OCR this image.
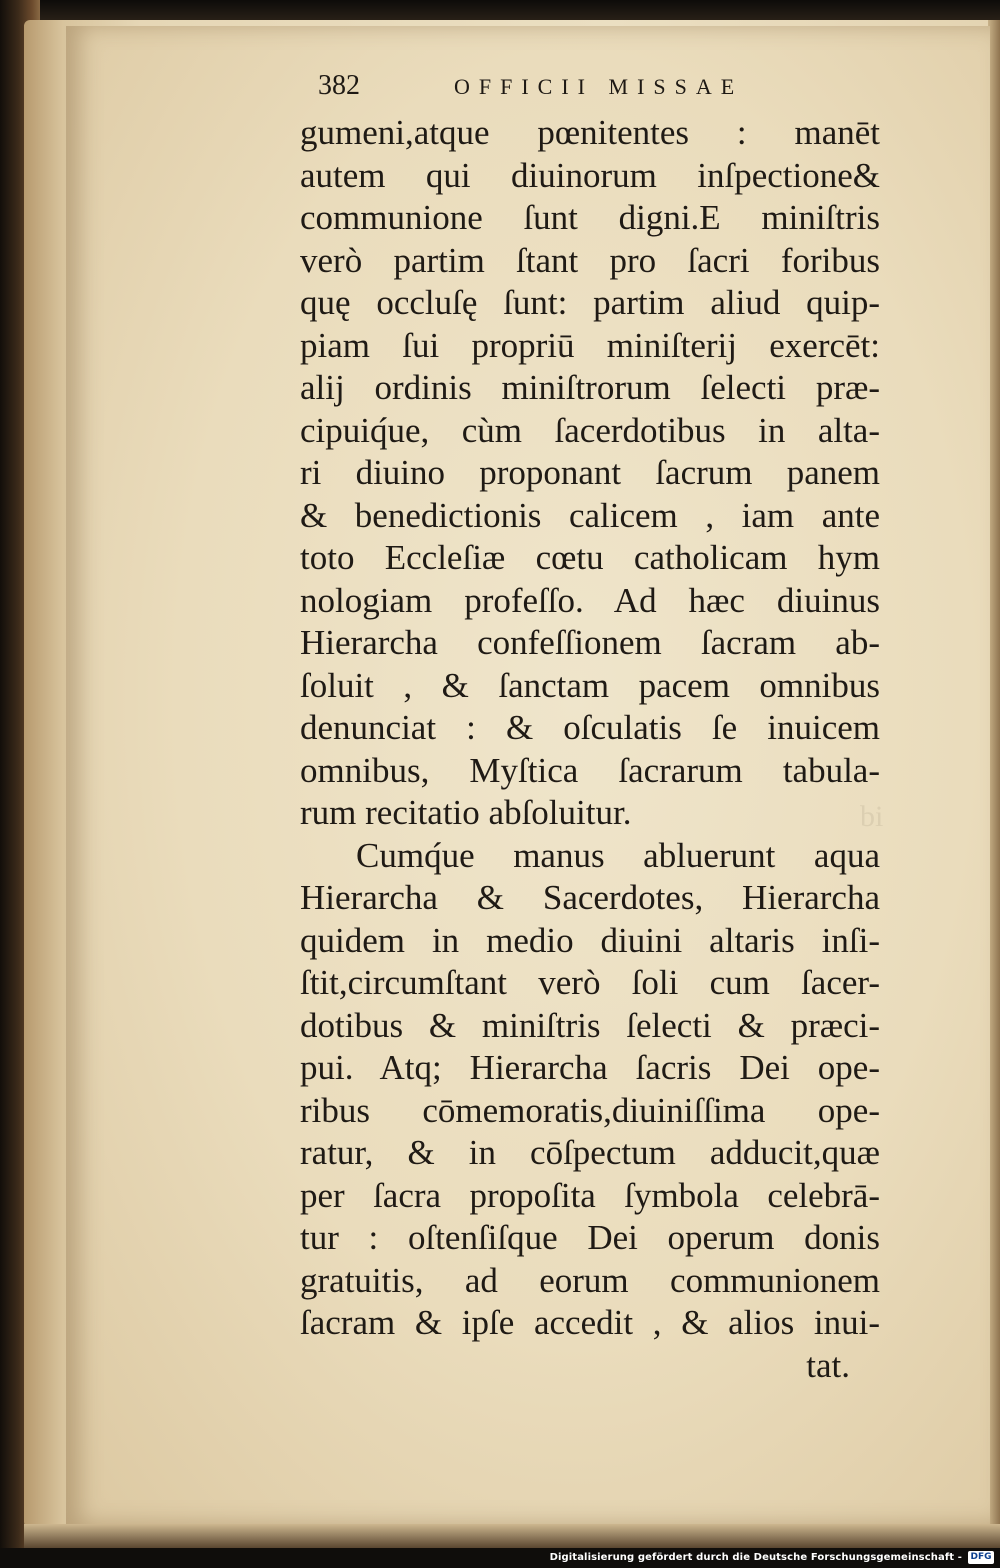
bi
382	OFFICII MISSAE
gumeni,atque pœnitentes : manēt
autem qui diuinorum inſpectione&
communione ſunt digni.E miniſtris
verò partim ſtant pro ſacri foribus
quę occluſę ſunt: partim aliud quip-
piam ſui propriū miniſterij exercēt:
alij ordinis miniſtrorum ſelecti præ-
cipuiq́ue, cùm ſacerdotibus in alta-
ri diuino proponant ſacrum panem
& benedictionis calicem , iam ante
toto Eccleſiæ cœtu catholicam hym
nologiam profeſſo. Ad hæc diuinus
Hierarcha confeſſionem ſacram ab-
ſoluit , & ſanctam pacem omnibus
denunciat : & oſculatis ſe inuicem
omnibus, Myſtica ſacrarum tabula-
rum recitatio abſoluitur.
Cumq́ue manus abluerunt aqua
Hierarcha & Sacerdotes, Hierarcha
quidem in medio diuini altaris inſi-
ſtit,circumſtant verò ſoli cum ſacer-
dotibus & miniſtris ſelecti & præci-
pui. Atq; Hierarcha ſacris Dei ope-
ribus cōmemoratis,diuiniſſima ope-
ratur, & in cōſpectum adducit,quæ
per ſacra propoſita ſymbola celebrā-
tur : oſtenſiſque Dei operum donis
gratuitis, ad eorum communionem
ſacram & ipſe accedit , & alios inui-
tat.
Digitalisierung gefördert durch die Deutsche Forschungsgemeinschaft - DFG
